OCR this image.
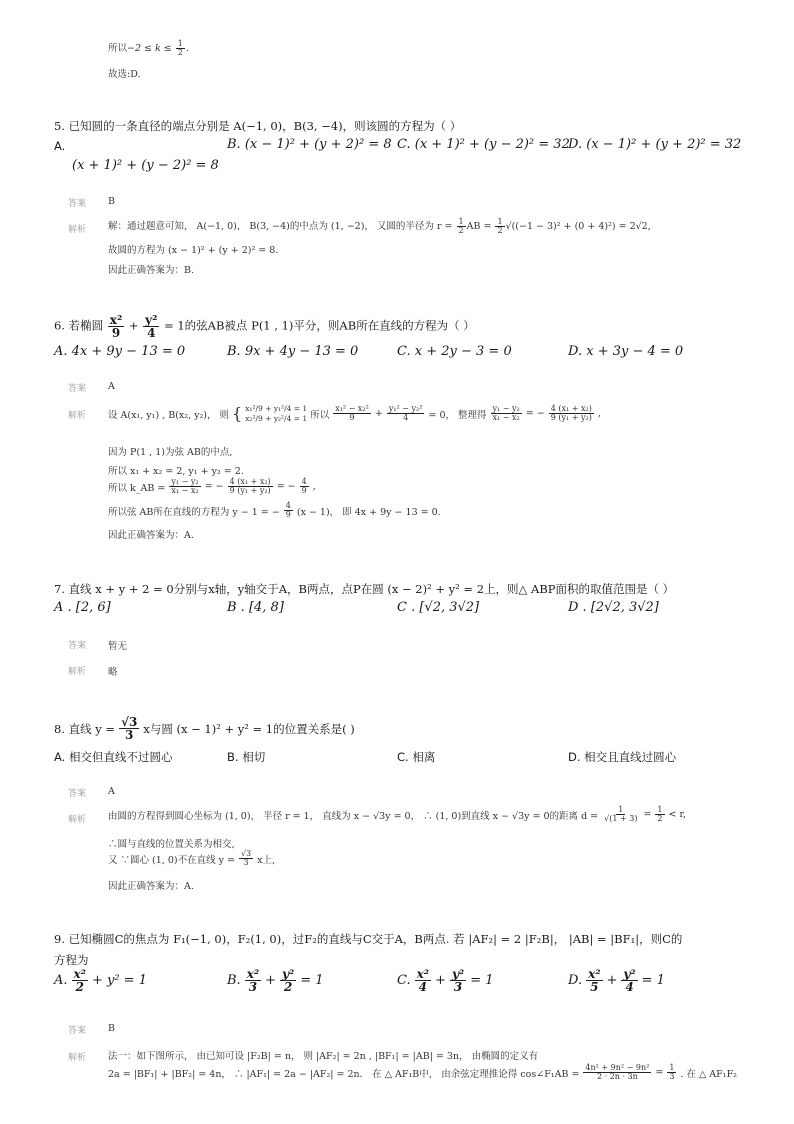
所以$-2 \le k \le \frac{1}{2}$ .
故选:D.
5. 已知圆的一条直径的端点分别是 A(−1, 0)，B(3, −4)，则该圆的方程为（ ）
A.	B. (x − 1)² + (y + 2)² = 8 C. (x + 1)² + (y − 2)² = 32
D. (x − 1)² + (y + 2)² = 32
(x + 1)² + (y − 2)² = 8
答案 B
解析 解：通过题意可知， A(−1, 0)， B(3, −4)的中点为 (1, −2)， 又圆的半径为 $r = \frac{1}{2}$ AB = $\frac{1}{2} √((-1 - 3)^2 + (0 + 4)^2) = 2√2$,
故圆的方程为 (x − 1)² + (y + 2)² = 8.
因此正确答案为：B.
6. 若椭圆 $\frac{\text{x²}}{9} + \frac{\text{y²}}{4} = 1$的弦AB被点 P(1 , 1)平分，则AB所在直线的方程为（ ）
A. 4x + 9y − 13 = 0	B. 9x + 4y − 13 = 0	C. x + 2y − 3 = 0	D. x + 3y − 4 = 0
答案 A
解析 设 A(x₁, y₁) , B(x₂, y₂)， 则 { x₁²/9 + y₁²/4 = 1
x₂²/9 + y₂²/4 = 1 所以 $\frac{\text{x₁² − x₂²}}{9} + \frac{\text{y₁² − y₂²}}{4} = 0$， 整理得 $\frac{\text{y₁ − y₂}}{\text{x₁ − x₂}}$ = − $\frac{\text{4 (x₁ + x₂)}}{\text{9 (y₁ + y₂)}}$ ,
因为 P(1 , 1)为弦 AB的中点,
所以 x₁ + x₂ = 2, y₁ + y₂ = 2.
所以 k_AB = $\frac{\text{y₁ − y₂}}{\text{x₁ − x₂}}$ = − $\frac{\text{4 (x₁ + x₂)}}{\text{9 (y₁ + y₂)}}$ = − $\frac{4}{9}$ ,
所以弦 AB所在直线的方程为 y − 1 = − $\frac{4}{9} (x - 1)$， 即 4x + 9y − 13 = 0.
因此正确答案为：A.
7. 直线 x + y + 2 = 0分别与x轴，y轴交于A，B两点，点P在圆 (x − 2)² + y² = 2上，则△ ABP面积的取值范围是（ ）
A . [2, 6]	B . [4, 8]	C . [√2, 3√2]	D . [2√2, 3√2]
答案 暂无
解析 略
8. 直线 $y = \frac{√3}{3}$ x与圆 (x − 1)² + y² = 1的位置关系是( )
A. 相交但直线不过圆心	B. 相切	C. 相离	D. 相交且直线过圆心
答案 A
解析 由圆的方程得到圆心坐标为 (1, 0)， 半径 r = 1， 直线为 x − √3y = 0， ∴ (1, 0)到直线 x − √3y = 0的距离 $d = \frac{1}{√(1 + 3)} = \frac{1}{2} < r$,
∴圆与直线的位置关系为相交,
又 ∵圆心 (1, 0)不在直线 $y = \frac{√3}{3}$ x上,
因此正确答案为：A.
9. 已知椭圆C的焦点为 F₁(−1, 0)，F₂(1, 0)，过F₂的直线与C交于A，B两点. 若 |AF₂| = 2 |F₂B|， |AB| = |BF₁|，则C的
方程为
A. $\frac{\text{x²}}{2} + y^2 = 1$	B. $\frac{\text{x²}}{3} + \frac{\text{y²}}{2} = 1$	C. $\frac{\text{x²}}{4} + \frac{\text{y²}}{3} = 1$	D. $\frac{\text{x²}}{5} + \frac{\text{y²}}{4} = 1$
答案 B
解析 法一：如下图所示， 由已知可设 |F₂B| = n， 则 |AF₂| = 2n , |BF₁| = |AB| = 3n， 由椭圆的定义有
2a = |BF₁| + |BF₂| = 4n， ∴ |AF₁| = 2a − |AF₂| = 2n． 在 △ AF₁B中， 由余弦定理推论得 cos∠F₁AB = $\frac{\text{4n² + 9n² − 9n²}}{2 \cdot 2n \cdot 3n} = \frac{1}{3}$ . 在 △ AF₁F₂
